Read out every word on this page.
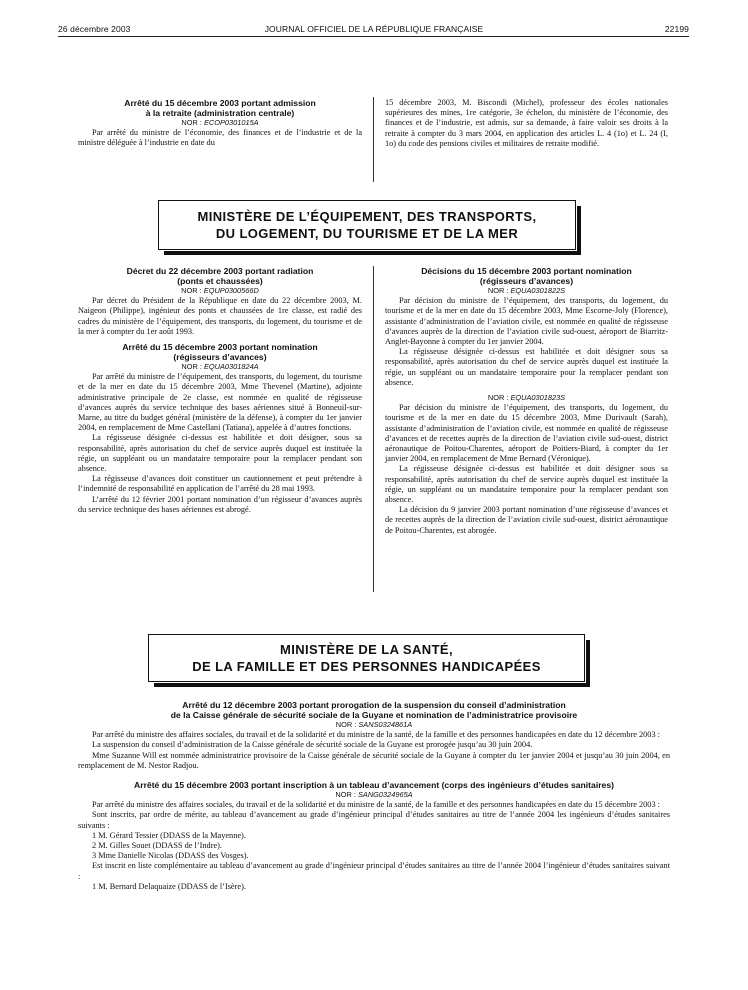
26 décembre 2003	JOURNAL OFFICIEL DE LA RÉPUBLIQUE FRANÇAISE	22199

Arrêté du 15 décembre 2003 portant admission

à la retraite (administration centrale)

NOR : ECOP0301015A

Par arrêté du ministre de l’économie, des finances et de l’industrie et de la ministre déléguée à l’industrie en date du

15 décembre 2003, M. Biscondi (Michel), professeur des écoles nationales supérieures des mines, 1re catégorie, 3e échelon, du ministère de l’économie, des finances et de l’industrie, est admis, sur sa demande, à faire valoir ses droits à la retraite à compter du 3 mars 2004, en application des articles L. 4 (1o) et L. 24 (I, 1o) du code des pensions civiles et militaires de retraite modifié.

MINISTÈRE DE L’ÉQUIPEMENT, DES TRANSPORTS,
DU LOGEMENT, DU TOURISME ET DE LA MER

Décret du 22 décembre 2003 portant radiation

(ponts et chaussées)

NOR : EQUP0300566D

Par décret du Président de la République en date du 22 décembre 2003, M. Naigeon (Philippe), ingénieur des ponts et chaussées de 1re classe, est radié des cadres du ministère de l’équipement, des transports, du logement, du tourisme et de la mer à compter du 1er août 1993.

Arrêté du 15 décembre 2003 portant nomination

(régisseurs d’avances)

NOR : EQUA0301824A

Par arrêté du ministre de l’équipement, des transports, du logement, du tourisme et de la mer en date du 15 décembre 2003, Mme Thevenel (Martine), adjointe administrative principale de 2e classe, est nommée en qualité de régisseuse d’avances auprès du service technique des bases aériennes situé à Bonneuil-sur-Marne, au titre du budget général (ministère de la défense), à compter du 1er janvier 2004, en remplacement de Mme Castellani (Tatiana), appelée à d’autres fonctions.

La régisseuse désignée ci-dessus est habilitée et doit désigner, sous sa responsabilité, après autorisation du chef de service auprès duquel est instituée la régie, un suppléant ou un mandataire temporaire pour la remplacer pendant son absence.

La régisseuse d’avances doit constituer un cautionnement et peut prétendre à l’indemnité de responsabilité en application de l’arrêté du 28 mai 1993.

L’arrêté du 12 février 2001 portant nomination d’un régisseur d’avances auprès du service technique des bases aériennes est abrogé.

Décisions du 15 décembre 2003 portant nomination

(régisseurs d’avances)

NOR : EQUA0301822S

Par décision du ministre de l’équipement, des transports, du logement, du tourisme et de la mer en date du 15 décembre 2003, Mme Escorne-Joly (Florence), assistante d’administration de l’aviation civile, est nommée en qualité de régisseuse d’avances auprès de la direction de l’aviation civile sud-ouest, aéroport de Biarritz-Anglet-Bayonne à compter du 1er janvier 2004.

La régisseuse désignée ci-dessus est habilitée et doit désigner sous sa responsabilité, après autorisation du chef de service auprès duquel est instituée la régie, un suppléant ou un mandataire temporaire pour la remplacer pendant son absence.

NOR : EQUA0301823S

Par décision du ministre de l’équipement, des transports, du logement, du tourisme et de la mer en date du 15 décembre 2003, Mme Durivault (Sarah), assistante d’administration de l’aviation civile, est nommée en qualité de régisseuse d’avances et de recettes auprès de la direction de l’aviation civile sud-ouest, district aéronautique de Poitou-Charentes, aéroport de Poitiers-Biard, à compter du 1er janvier 2004, en remplacement de Mme Bernard (Véronique).

La régisseuse désignée ci-dessus est habilitée et doit désigner sous sa responsabilité, après autorisation du chef de service auprès duquel est instituée la régie, un suppléant ou un mandataire temporaire pour la remplacer pendant son absence.

La décision du 9 janvier 2003 portant nomination d’une régisseuse d’avances et de recettes auprès de la direction de l’aviation civile sud-ouest, district aéronautique de Poitou-Charentes, est abrogée.

MINISTÈRE DE LA SANTÉ,
DE LA FAMILLE ET DES PERSONNES HANDICAPÉES

Arrêté du 12 décembre 2003 portant prorogation de la suspension du conseil d’administration

de la Caisse générale de sécurité sociale de la Guyane et nomination de l’administratrice provisoire

NOR : SANS0324861A

Par arrêté du ministre des affaires sociales, du travail et de la solidarité et du ministre de la santé, de la famille et des personnes handicapées en date du 12 décembre 2003 :

La suspension du conseil d’administration de la Caisse générale de sécurité sociale de la Guyane est prorogée jusqu’au 30 juin 2004.

Mme Suzanne Will est nommée administratrice provisoire de la Caisse générale de sécurité sociale de la Guyane à compter du 1er janvier 2004 et jusqu’au 30 juin 2004, en remplacement de M. Nestor Radjou.

Arrêté du 15 décembre 2003 portant inscription à un tableau d’avancement (corps des ingénieurs d’études sanitaires)

NOR : SANG0324965A

Par arrêté du ministre des affaires sociales, du travail et de la solidarité et du ministre de la santé, de la famille et des personnes handicapées en date du 15 décembre 2003 :

Sont inscrits, par ordre de mérite, au tableau d’avancement au grade d’ingénieur principal d’études sanitaires au titre de l’année 2004 les ingénieurs d’études sanitaires suivants :

1 M. Gérard Tessier (DDASS de la Mayenne).

2 M. Gilles Souet (DDASS de l’Indre).

3 Mme Danielle Nicolas (DDASS des Vosges).

Est inscrit en liste complémentaire au tableau d’avancement au grade d’ingénieur principal d’études sanitaires au titre de l’année 2004 l’ingénieur d’études sanitaires suivant :

1 M. Bernard Delaquaize (DDASS de l’Isère).
